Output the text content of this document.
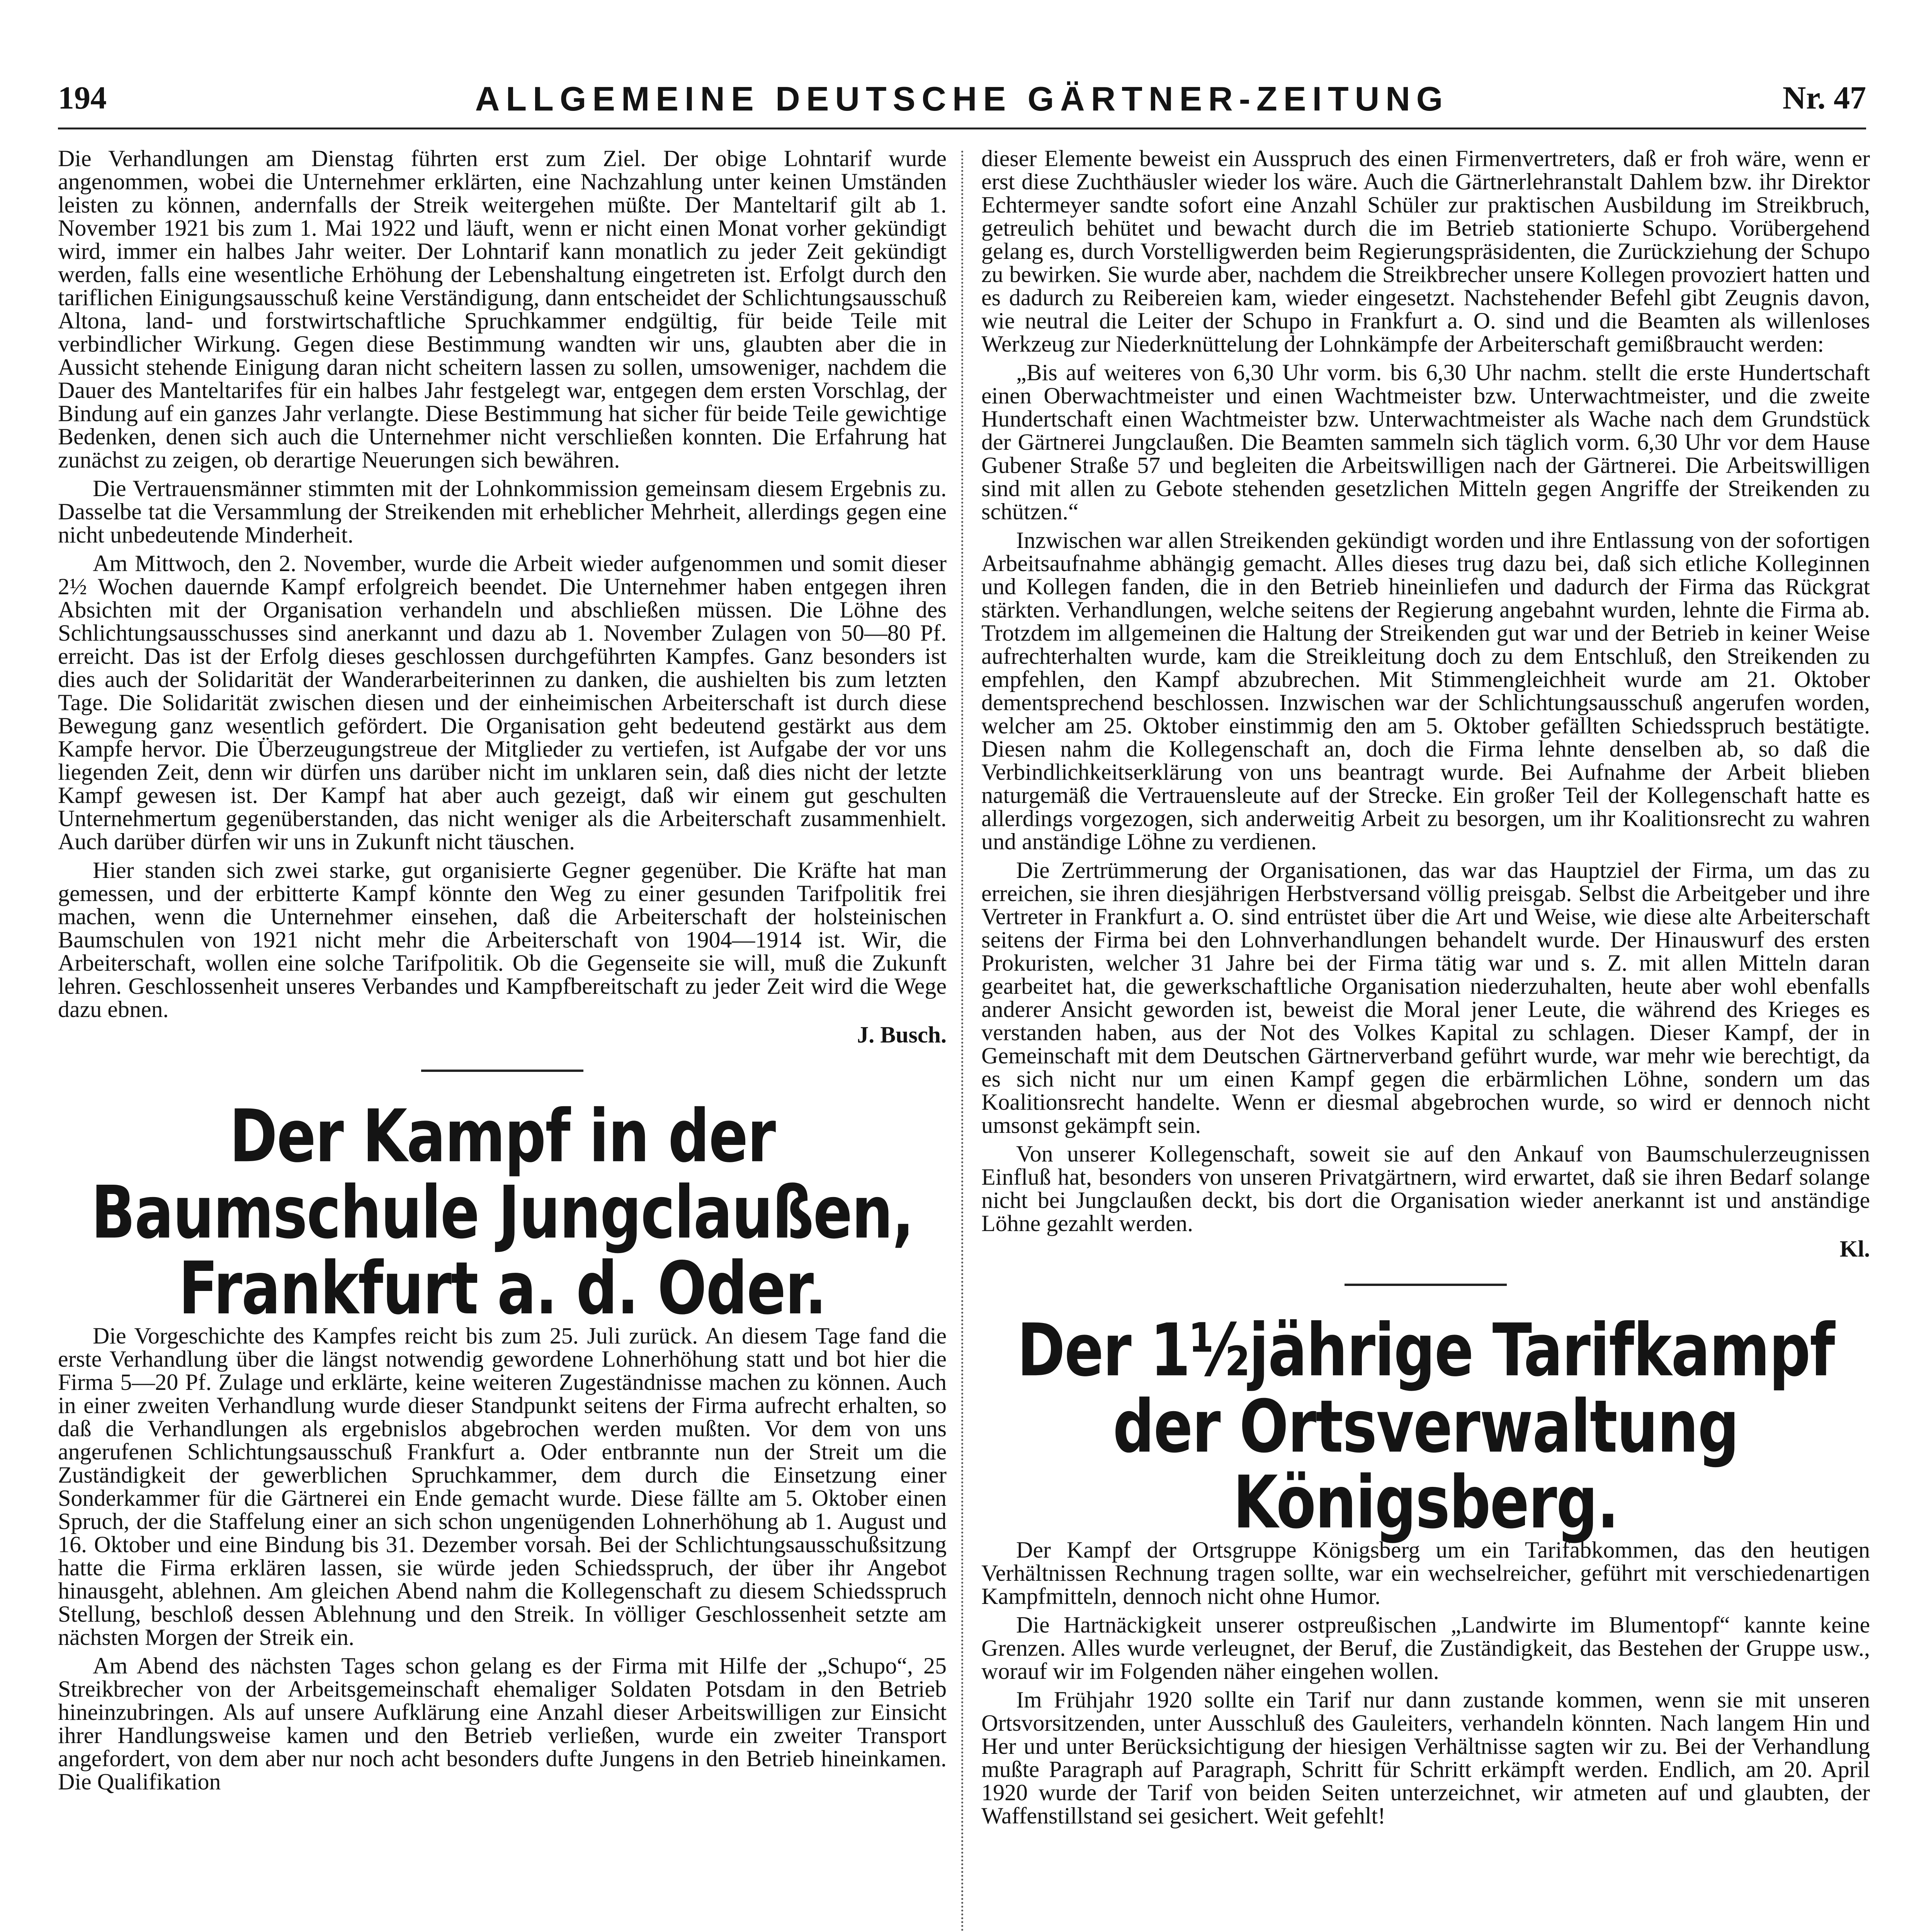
194	ALLGEMEINE DEUTSCHE GÄRTNER-ZEITUNG	Nr. 47

Die Verhandlungen am Dienstag führten erst zum Ziel. Der obige Lohntarif wurde angenommen, wobei die Unternehmer erklärten, eine Nachzahlung unter keinen Umständen leisten zu können, andernfalls der Streik weitergehen müßte. Der Manteltarif gilt ab 1. November 1921 bis zum 1. Mai 1922 und läuft, wenn er nicht einen Monat vorher gekündigt wird, immer ein halbes Jahr weiter. Der Lohntarif kann monatlich zu jeder Zeit gekündigt werden, falls eine wesentliche Erhöhung der Lebenshaltung eingetreten ist. Erfolgt durch den tariflichen Einigungsausschuß keine Verständigung, dann entscheidet der Schlichtungsausschuß Altona, land- und forstwirtschaftliche Spruchkammer endgültig, für beide Teile mit verbindlicher Wirkung. Gegen diese Bestimmung wandten wir uns, glaubten aber die in Aussicht stehende Einigung daran nicht scheitern lassen zu sollen, umsoweniger, nachdem die Dauer des Manteltarifes für ein halbes Jahr festgelegt war, entgegen dem ersten Vorschlag, der Bindung auf ein ganzes Jahr verlangte. Diese Bestimmung hat sicher für beide Teile gewichtige Bedenken, denen sich auch die Unternehmer nicht verschließen konnten. Die Erfahrung hat zunächst zu zeigen, ob derartige Neuerungen sich bewähren.

Die Vertrauensmänner stimmten mit der Lohnkommission gemeinsam diesem Ergebnis zu. Dasselbe tat die Versammlung der Streikenden mit erheblicher Mehrheit, allerdings gegen eine nicht unbedeutende Minderheit.

Am Mittwoch, den 2. November, wurde die Arbeit wieder aufgenommen und somit dieser 2½ Wochen dauernde Kampf erfolgreich beendet. Die Unternehmer haben entgegen ihren Absichten mit der Organisation verhandeln und abschließen müssen. Die Löhne des Schlichtungsausschusses sind anerkannt und dazu ab 1. November Zulagen von 50—80 Pf. erreicht. Das ist der Erfolg dieses geschlossen durchgeführten Kampfes. Ganz besonders ist dies auch der Solidarität der Wanderarbeiterinnen zu danken, die aushielten bis zum letzten Tage. Die Solidarität zwischen diesen und der einheimischen Arbeiterschaft ist durch diese Bewegung ganz wesentlich gefördert. Die Organisation geht bedeutend gestärkt aus dem Kampfe hervor. Die Überzeugungstreue der Mitglieder zu vertiefen, ist Aufgabe der vor uns liegenden Zeit, denn wir dürfen uns darüber nicht im unklaren sein, daß dies nicht der letzte Kampf gewesen ist. Der Kampf hat aber auch gezeigt, daß wir einem gut geschulten Unternehmertum gegenüberstanden, das nicht weniger als die Arbeiterschaft zusammenhielt. Auch darüber dürfen wir uns in Zukunft nicht täuschen.

Hier standen sich zwei starke, gut organisierte Gegner gegenüber. Die Kräfte hat man gemessen, und der erbitterte Kampf könnte den Weg zu einer gesunden Tarifpolitik frei machen, wenn die Unternehmer einsehen, daß die Arbeiterschaft der holsteinischen Baumschulen von 1921 nicht mehr die Arbeiterschaft von 1904—1914 ist. Wir, die Arbeiterschaft, wollen eine solche Tarifpolitik. Ob die Gegenseite sie will, muß die Zukunft lehren. Geschlossenheit unseres Verbandes und Kampfbereitschaft zu jeder Zeit wird die Wege dazu ebnen.

J. Busch.

Der Kampf in der Baumschule Jungclaußen, Frankfurt a. d. Oder.

Die Vorgeschichte des Kampfes reicht bis zum 25. Juli zurück. An diesem Tage fand die erste Verhandlung über die längst notwendig gewordene Lohnerhöhung statt und bot hier die Firma 5—20 Pf. Zulage und erklärte, keine weiteren Zugeständnisse machen zu können. Auch in einer zweiten Verhandlung wurde dieser Standpunkt seitens der Firma aufrecht erhalten, so daß die Verhandlungen als ergebnislos abgebrochen werden mußten. Vor dem von uns angerufenen Schlichtungsausschuß Frankfurt a. Oder entbrannte nun der Streit um die Zuständigkeit der gewerblichen Spruchkammer, dem durch die Einsetzung einer Sonderkammer für die Gärtnerei ein Ende gemacht wurde. Diese fällte am 5. Oktober einen Spruch, der die Staffelung einer an sich schon ungenügenden Lohnerhöhung ab 1. August und 16. Oktober und eine Bindung bis 31. Dezember vorsah. Bei der Schlichtungsausschußsitzung hatte die Firma erklären lassen, sie würde jeden Schiedsspruch, der über ihr Angebot hinausgeht, ablehnen. Am gleichen Abend nahm die Kollegenschaft zu diesem Schiedsspruch Stellung, beschloß dessen Ablehnung und den Streik. In völliger Geschlossenheit setzte am nächsten Morgen der Streik ein.

Am Abend des nächsten Tages schon gelang es der Firma mit Hilfe der „Schupo“, 25 Streikbrecher von der Arbeitsgemeinschaft ehemaliger Soldaten Potsdam in den Betrieb hineinzubringen. Als auf unsere Aufklärung eine Anzahl dieser Arbeitswilligen zur Einsicht ihrer Handlungsweise kamen und den Betrieb verließen, wurde ein zweiter Transport angefordert, von dem aber nur noch acht besonders dufte Jungens in den Betrieb hineinkamen. Die Qualifikation

dieser Elemente beweist ein Ausspruch des einen Firmenvertreters, daß er froh wäre, wenn er erst diese Zuchthäusler wieder los wäre. Auch die Gärtnerlehranstalt Dahlem bzw. ihr Direktor Echtermeyer sandte sofort eine Anzahl Schüler zur praktischen Ausbildung im Streikbruch, getreulich behütet und bewacht durch die im Betrieb stationierte Schupo. Vorübergehend gelang es, durch Vorstelligwerden beim Regierungspräsidenten, die Zurückziehung der Schupo zu bewirken. Sie wurde aber, nachdem die Streikbrecher unsere Kollegen provoziert hatten und es dadurch zu Reibereien kam, wieder eingesetzt. Nachstehender Befehl gibt Zeugnis davon, wie neutral die Leiter der Schupo in Frankfurt a. O. sind und die Beamten als willenloses Werkzeug zur Niederknüttelung der Lohnkämpfe der Arbeiterschaft gemißbraucht werden:

„Bis auf weiteres von 6,30 Uhr vorm. bis 6,30 Uhr nachm. stellt die erste Hundertschaft einen Oberwachtmeister und einen Wachtmeister bzw. Unterwachtmeister, und die zweite Hundertschaft einen Wachtmeister bzw. Unterwachtmeister als Wache nach dem Grundstück der Gärtnerei Jungclaußen. Die Beamten sammeln sich täglich vorm. 6,30 Uhr vor dem Hause Gubener Straße 57 und begleiten die Arbeitswilligen nach der Gärtnerei. Die Arbeitswilligen sind mit allen zu Gebote stehenden gesetzlichen Mitteln gegen Angriffe der Streikenden zu schützen.“

Inzwischen war allen Streikenden gekündigt worden und ihre Entlassung von der sofortigen Arbeitsaufnahme abhängig gemacht. Alles dieses trug dazu bei, daß sich etliche Kolleginnen und Kollegen fanden, die in den Betrieb hineinliefen und dadurch der Firma das Rückgrat stärkten. Verhandlungen, welche seitens der Regierung angebahnt wurden, lehnte die Firma ab. Trotzdem im allgemeinen die Haltung der Streikenden gut war und der Betrieb in keiner Weise aufrechterhalten wurde, kam die Streikleitung doch zu dem Entschluß, den Streikenden zu empfehlen, den Kampf abzubrechen. Mit Stimmengleichheit wurde am 21. Oktober dementsprechend beschlossen. Inzwischen war der Schlichtungsausschuß angerufen worden, welcher am 25. Oktober einstimmig den am 5. Oktober gefällten Schiedsspruch bestätigte. Diesen nahm die Kollegenschaft an, doch die Firma lehnte denselben ab, so daß die Verbindlichkeitserklärung von uns beantragt wurde. Bei Aufnahme der Arbeit blieben naturgemäß die Vertrauensleute auf der Strecke. Ein großer Teil der Kollegenschaft hatte es allerdings vorgezogen, sich anderweitig Arbeit zu besorgen, um ihr Koalitionsrecht zu wahren und anständige Löhne zu verdienen.

Die Zertrümmerung der Organisationen, das war das Hauptziel der Firma, um das zu erreichen, sie ihren diesjährigen Herbstversand völlig preisgab. Selbst die Arbeitgeber und ihre Vertreter in Frankfurt a. O. sind entrüstet über die Art und Weise, wie diese alte Arbeiterschaft seitens der Firma bei den Lohnverhandlungen behandelt wurde. Der Hinauswurf des ersten Prokuristen, welcher 31 Jahre bei der Firma tätig war und s. Z. mit allen Mitteln daran gearbeitet hat, die gewerkschaftliche Organisation niederzuhalten, heute aber wohl ebenfalls anderer Ansicht geworden ist, beweist die Moral jener Leute, die während des Krieges es verstanden haben, aus der Not des Volkes Kapital zu schlagen. Dieser Kampf, der in Gemeinschaft mit dem Deutschen Gärtnerverband geführt wurde, war mehr wie berechtigt, da es sich nicht nur um einen Kampf gegen die erbärmlichen Löhne, sondern um das Koalitionsrecht handelte. Wenn er diesmal abgebrochen wurde, so wird er dennoch nicht umsonst gekämpft sein.

Von unserer Kollegenschaft, soweit sie auf den Ankauf von Baumschulerzeugnissen Einfluß hat, besonders von unseren Privatgärtnern, wird erwartet, daß sie ihren Bedarf solange nicht bei Jungclaußen deckt, bis dort die Organisation wieder anerkannt ist und anständige Löhne gezahlt werden.

Kl.

Der 1½jährige Tarifkampf der Ortsverwaltung Königsberg.

Der Kampf der Ortsgruppe Königsberg um ein Tarifabkommen, das den heutigen Verhältnissen Rechnung tragen sollte, war ein wechselreicher, geführt mit verschiedenartigen Kampfmitteln, dennoch nicht ohne Humor.

Die Hartnäckigkeit unserer ostpreußischen „Landwirte im Blumentopf“ kannte keine Grenzen. Alles wurde verleugnet, der Beruf, die Zuständigkeit, das Bestehen der Gruppe usw., worauf wir im Folgenden näher eingehen wollen.

Im Frühjahr 1920 sollte ein Tarif nur dann zustande kommen, wenn sie mit unseren Ortsvorsitzenden, unter Ausschluß des Gauleiters, verhandeln könnten. Nach langem Hin und Her und unter Berücksichtigung der hiesigen Verhältnisse sagten wir zu. Bei der Verhandlung mußte Paragraph auf Paragraph, Schritt für Schritt erkämpft werden. Endlich, am 20. April 1920 wurde der Tarif von beiden Seiten unterzeichnet, wir atmeten auf und glaubten, der Waffenstillstand sei gesichert. Weit gefehlt!
